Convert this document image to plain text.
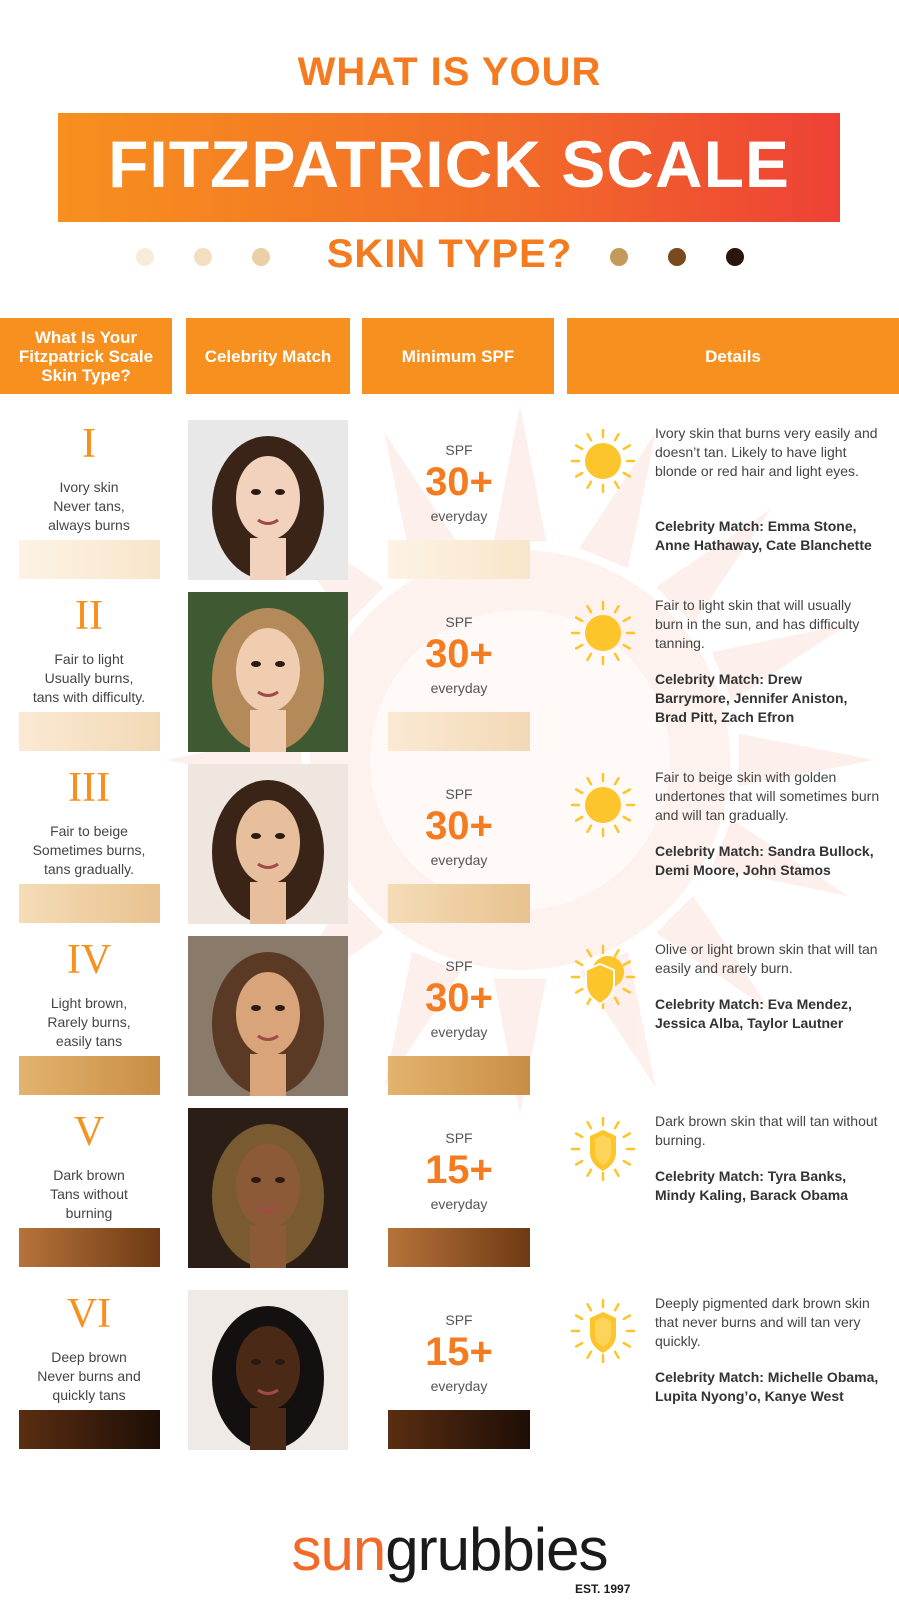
WHAT IS YOUR
FITZPATRICK SCALE
SKIN TYPE?
What Is Your Fitzpatrick Scale Skin Type?
Celebrity Match	Minimum SPF	Details
I
Ivory skin
Never tans,
always burns
SPF
30+
everyday
Ivory skin that burns very easily and doesn’t tan. Likely to have light blonde or red hair and light eyes.
Celebrity Match: Emma Stone, Anne Hathaway, Cate Blanchette
II
Fair to light
Usually burns,
tans with difficulty.
SPF
30+
everyday
Fair to light skin that will usually burn in the sun, and has difficulty tanning.
Celebrity Match: Drew Barrymore, Jennifer Aniston, Brad Pitt, Zach Efron
III
Fair to beige
Sometimes burns,
tans gradually.
SPF
30+
everyday
Fair to beige skin with golden undertones that will sometimes burn and will tan gradually.
Celebrity Match: Sandra Bullock, Demi Moore, John Stamos
IV
Light brown,
Rarely burns,
easily tans
SPF
30+
everyday
Olive or light brown skin that will tan easily and rarely burn.
Celebrity Match: Eva Mendez, Jessica Alba, Taylor Lautner
V
Dark brown
Tans without
burning
SPF
15+
everyday
Dark brown skin that will tan without burning.
Celebrity Match: Tyra Banks, Mindy Kaling, Barack Obama
VI
Deep brown
Never burns and
quickly tans
SPF
15+
everyday
Deeply pigmented dark brown skin that never burns and will tan very quickly.
Celebrity Match: Michelle Obama, Lupita Nyong’o, Kanye West
sungrubbies
EST. 1997
